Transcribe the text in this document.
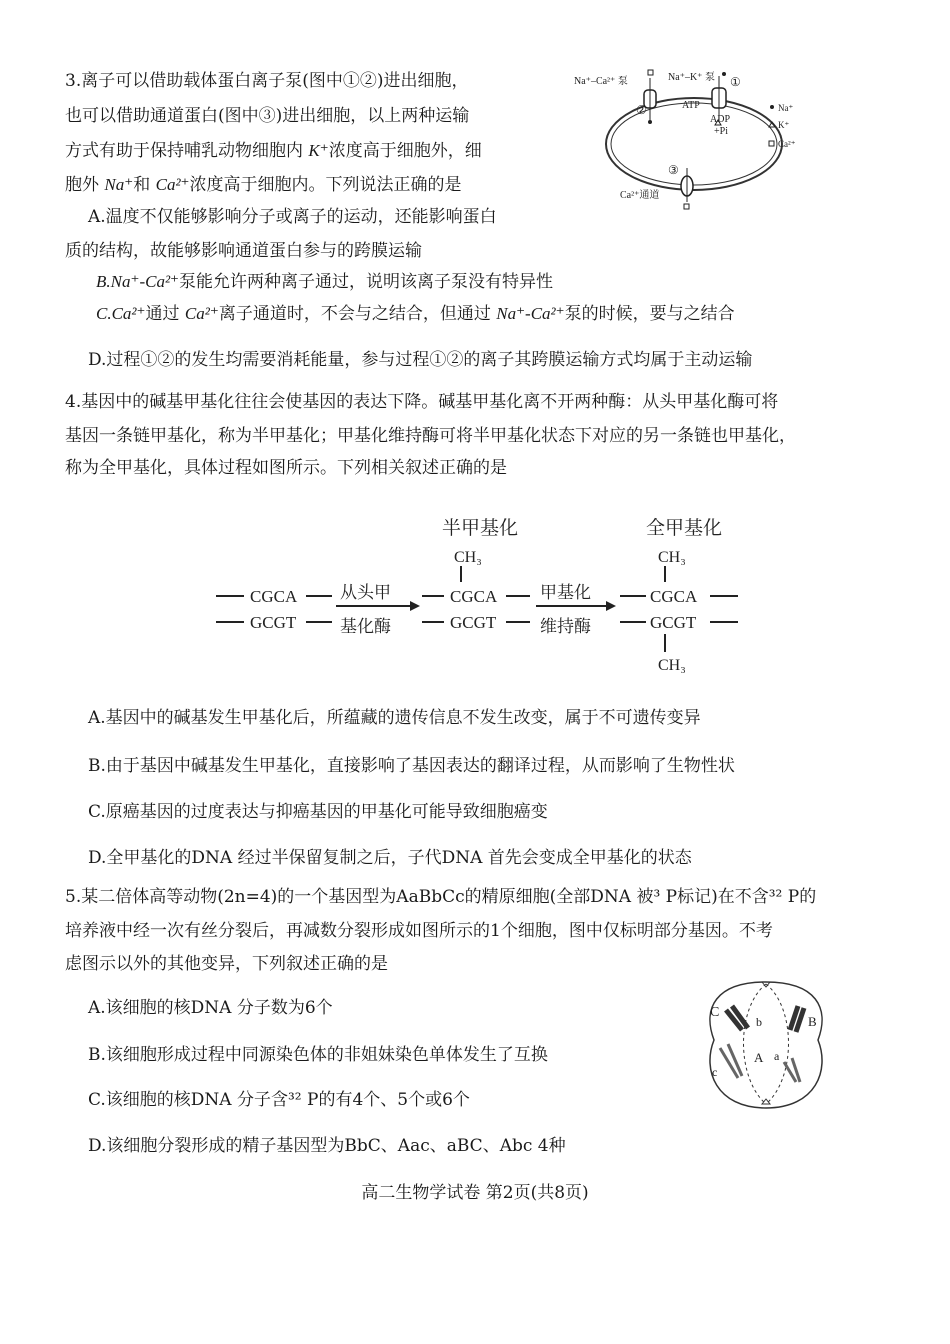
3.离子可以借助载体蛋白离子泵(图中①②)进出细胞，
也可以借助通道蛋白(图中③)进出细胞，以上两种运输
方式有助于保持哺乳动物细胞内 K⁺浓度高于细胞外，细
胞外 Na⁺和 Ca²⁺浓度高于细胞内。下列说法正确的是
A.温度不仅能够影响分子或离子的运动，还能影响蛋白
质的结构，故能够影响通道蛋白参与的跨膜运输
B.Na⁺-Ca²⁺泵能允许两种离子通过，说明该离子泵没有特异性
C.Ca²⁺通过 Ca²⁺离子通道时，不会与之结合，但通过 Na⁺-Ca²⁺泵的时候，要与之结合
D.过程①②的发生均需要消耗能量，参与过程①②的离子其跨膜运输方式均属于主动运输
Na⁺–Ca²⁺ 泵	Na⁺–K⁺ 泵 ①
②
③
ATP
ADP
+Pi
Ca²⁺通道
Na⁺
K⁺
Ca²⁺
4.基因中的碱基甲基化往往会使基因的表达下降。碱基甲基化离不开两种酶：从头甲基化酶可将
基因一条链甲基化，称为半甲基化；甲基化维持酶可将半甲基化状态下对应的另一条链也甲基化，
称为全甲基化，具体过程如图所示。下列相关叙述正确的是
半甲基化	全甲基化
CGCA
GCGT
从头甲
基化酶
CH₃
CGCA
GCGT
甲基化
维持酶
CH₃
CGCA
GCGT
CH₃
A.基因中的碱基发生甲基化后，所蕴藏的遗传信息不发生改变，属于不可遗传变异
B.由于基因中碱基发生甲基化，直接影响了基因表达的翻译过程，从而影响了生物性状
C.原癌基因的过度表达与抑癌基因的甲基化可能导致细胞癌变
D.全甲基化的DNA 经过半保留复制之后，子代DNA 首先会变成全甲基化的状态
5.某二倍体高等动物(2n=4)的一个基因型为AaBbCc的精原细胞(全部DNA 被³ P标记)在不含³² P的
培养液中经一次有丝分裂后，再减数分裂形成如图所示的1个细胞，图中仅标明部分基因。不考
虑图示以外的其他变异，下列叙述正确的是
A.该细胞的核DNA 分子数为6个
B.该细胞形成过程中同源染色体的非姐妹染色单体发生了互换
C.该细胞的核DNA 分子含³² P的有4个、5个或6个
D.该细胞分裂形成的精子基因型为BbC、Aac、aBC、Abc 4种
C
b	B
A a
c
高二生物学试卷 第2页(共8页)
